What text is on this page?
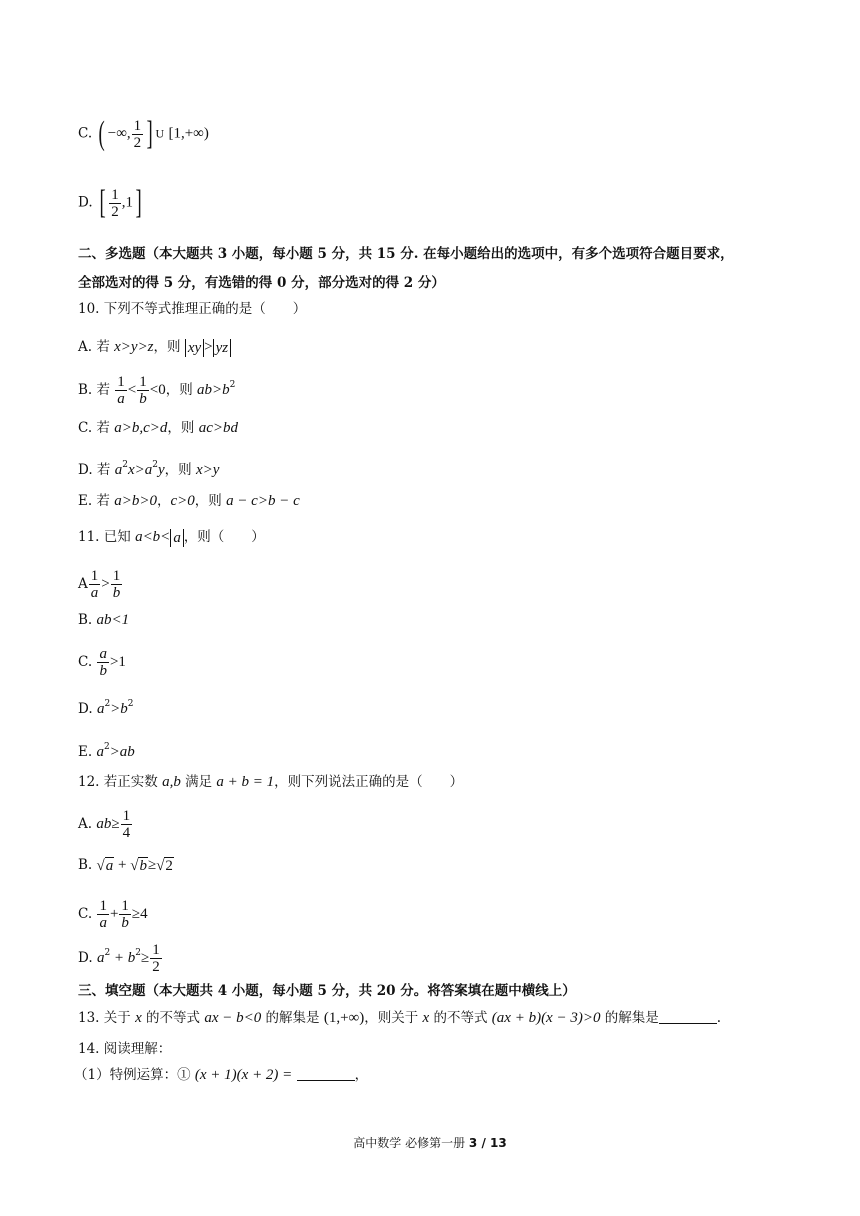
C. ( −∞, $\frac{1}{2}$ ] U [1,+∞)
D. [ $\frac{1}{2} ,1$]
二、多选题（本大题共 3 小题，每小题 5 分，共 15 分. 在每小题给出的选项中，有多个选项符合题目要求，
全部选对的得 5 分，有选错的得 0 分，部分选对的得 2 分）
10. 下列不等式推理正确的是（　　）
A. 若 x>y>z，则 xy > yz
B. 若 $\frac{1}{a} < \frac{1}{b} <0$，则 $ab>b^2$
C. 若 a>b,c>d，则 ac>bd
D. 若 $a^2x>a^2y$，则 x>y
E. 若 a>b>0，c>0，则 a − c>b − c
11. 已知 a<b< a ，则（　　）
A $\frac{1}{a} > \frac{1}{b}$
B. ab<1
C. $\frac{a}{b} >1$
D. $a^2>b^2$
E. $a^2>ab$
12. 若正实数 a,b 满足 a + b = 1，则下列说法正确的是（　　）
A. $ab\ge \frac{1}{4}$
B. √a + √b≥√2
C. $\frac{1}{a} + \frac{1}{b} \ge 4$
D. $a^2 + b^2\ge \frac{1}{2}$
三、填空题（本大题共 4 小题，每小题 5 分，共 20 分。将答案填在题中横线上）
13. 关于 x 的不等式 ax − b<0 的解集是 (1,+∞)，则关于 x 的不等式 (ax + b)(x − 3)>0 的解集是	.
14. 阅读理解：
（1）特例运算：① (x + 1)(x + 2) =	，
高中数学 必修第一册 3 / 13
